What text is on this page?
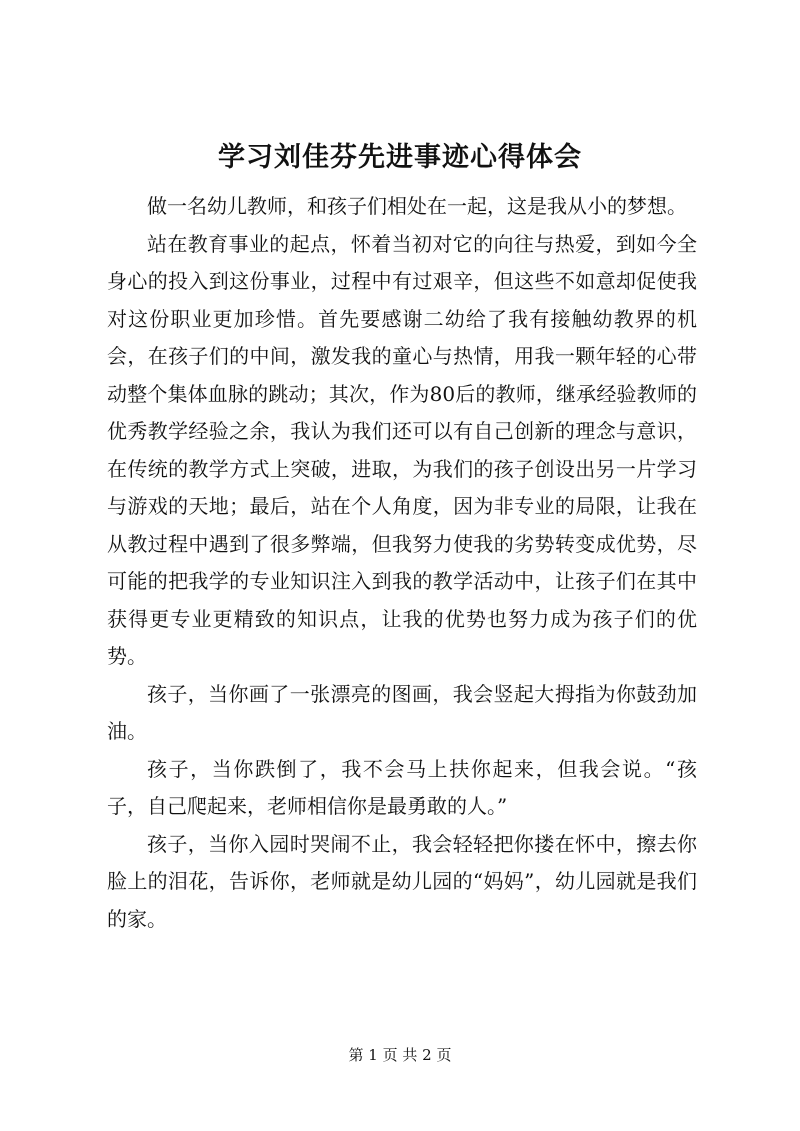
学习刘佳芬先进事迹心得体会

做一名幼儿教师，和孩子们相处在一起，这是我从小的梦想。

站在教育事业的起点，怀着当初对它的向往与热爱，到如今全身心的投入到这份事业，过程中有过艰辛，但这些不如意却促使我对这份职业更加珍惜。首先要感谢二幼给了我有接触幼教界的机会，在孩子们的中间，激发我的童心与热情，用我一颗年轻的心带动整个集体血脉的跳动；其次，作为80后的教师，继承经验教师的优秀教学经验之余，我认为我们还可以有自己创新的理念与意识，在传统的教学方式上突破，进取，为我们的孩子创设出另一片学习与游戏的天地；最后，站在个人角度，因为非专业的局限，让我在从教过程中遇到了很多弊端，但我努力使我的劣势转变成优势，尽可能的把我学的专业知识注入到我的教学活动中，让孩子们在其中获得更专业更精致的知识点，让我的优势也努力成为孩子们的优势。

孩子，当你画了一张漂亮的图画，我会竖起大拇指为你鼓劲加油。

孩子，当你跌倒了，我不会马上扶你起来，但我会说。“孩子，自己爬起来，老师相信你是最勇敢的人。”

孩子，当你入园时哭闹不止，我会轻轻把你搂在怀中，擦去你脸上的泪花，告诉你，老师就是幼儿园的“妈妈”，幼儿园就是我们的家。

第 1 页 共 2 页
